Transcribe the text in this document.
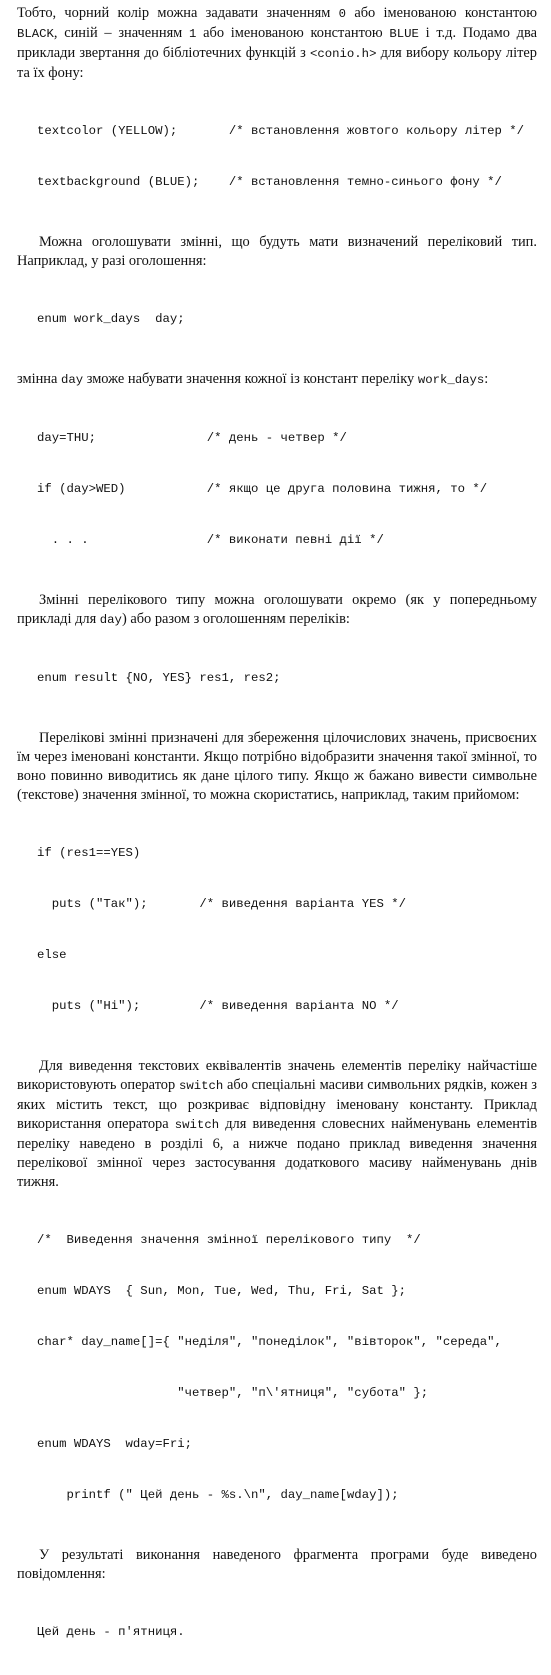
Тобто, чорний колір можна задавати значенням 0 або іменованою константою BLACK, синій – значенням 1 або іменованою константою BLUE і т.д. Подамо два приклади звертання до бібліотечних функцій з <conio.h> для вибору кольору літер та їх фону:

textcolor (YELLOW);       /* встановлення жовтого кольору літер */

textbackground (BLUE);    /* встановлення темно-синього фону */

Можна оголошувати змінні, що будуть мати визначений переліковий тип. Наприклад, у разі оголошення:

enum work_days  day;

змінна day зможе набувати значення кожної із констант переліку work_days:

day=THU;               /* день - четвер */

if (day>WED)           /* якщо це друга половина тижня, то */

. . .                /* виконати певні дії */

Змінні перелікового типу можна оголошувати окремо (як у попередньому прикладі для day) або разом з оголошенням переліків:

enum result {NO, YES} res1, res2;

Перелікові змінні призначені для збереження цілочислових значень, присвоєних їм через іменовані константи. Якщо потрібно відобразити значення такої змінної, то воно повинно виводитись як дане цілого типу. Якщо ж бажано вивести символьне (текстове) значення змінної, то можна скористатись, наприклад, таким прийомом:

if (res1==YES)

puts ("Так");       /* виведення варіанта YES */

else

puts ("Ні");        /* виведення варіанта NO */

Для виведення текстових еквівалентів значень елементів переліку найчастіше використовують оператор switch або спеціальні масиви символьних рядків, кожен з яких містить текст, що розкриває відповідну іменовану константу. Приклад використання оператора switch для виведення словесних найменувань елементів переліку наведено в розділі 6, а нижче подано приклад виведення значення перелікової змінної через застосування додаткового масиву найменувань днів тижня.

/*  Виведення значення змінної перелікового типу  */

enum WDAYS  { Sun, Mon, Tue, Wed, Thu, Fri, Sat };

char* day_name[]={ "неділя", "понеділок", "вівторок", "середа",

"четвер", "п\'ятниця", "субота" };

enum WDAYS  wday=Fri;

printf (" Цей день - %s.\n", day_name[wday]);

У результаті виконання наведеного фрагмента програми буде виведено повідомлення:

Цей день - п'ятниця.
